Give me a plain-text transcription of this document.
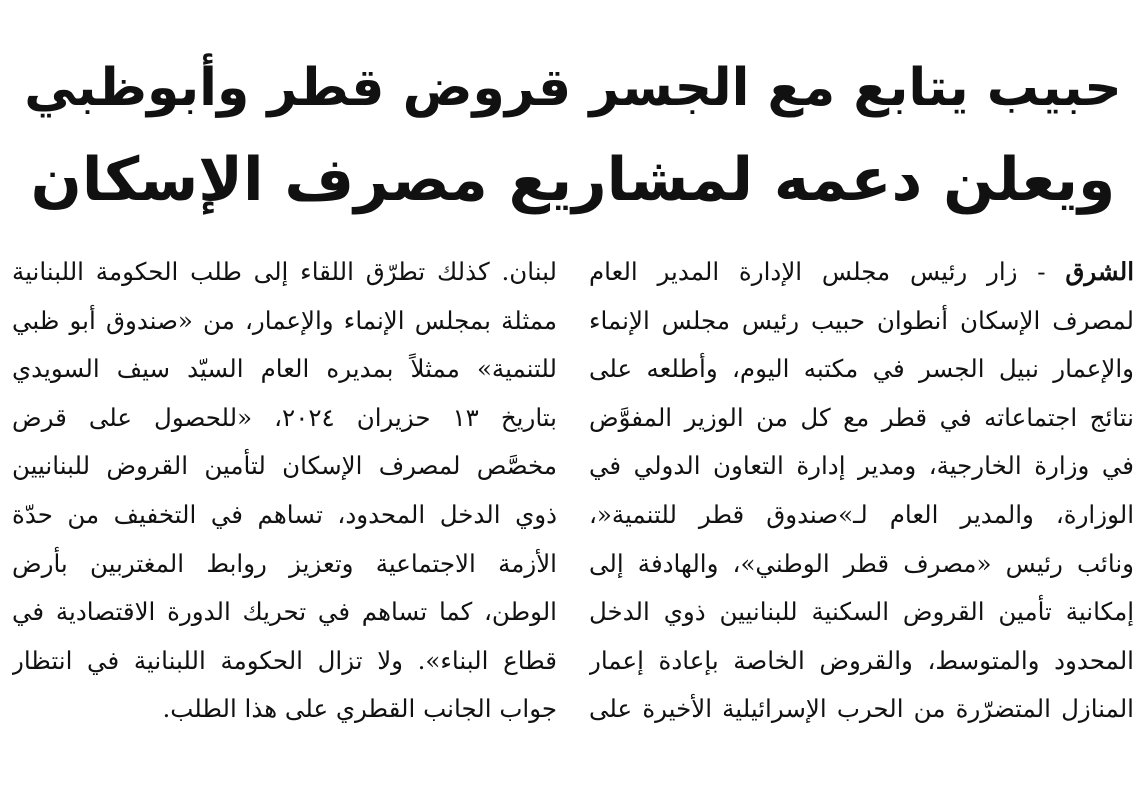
حبيب يتابع مع الجسر قروض قطر وأبوظبي
ويعلن دعمه لمشاريع مصرف الإسكان

الشرق - زار رئيس مجلس الإدارة المدير العام
لمصرف الإسكان أنطوان حبيب رئيس مجلس الإنماء
والإعمار نبيل الجسر في مكتبه اليوم، وأطلعه على
نتائج اجتماعاته في قطر مع كل من الوزير المفوَّض
في وزارة الخارجية، ومدير إدارة التعاون الدولي في
الوزارة، والمدير العام لـ»صندوق قطر للتنمية«،
ونائب رئيس «مصرف قطر الوطني»، والهادفة إلى
إمكانية تأمين القروض السكنية للبنانيين ذوي الدخل
المحدود والمتوسط، والقروض الخاصة بإعادة إعمار
المنازل المتضرّرة من الحرب الإسرائيلية الأخيرة على

لبنان. كذلك تطرّق اللقاء إلى طلب الحكومة اللبنانية
ممثلة بمجلس الإنماء والإعمار، من «صندوق أبو ظبي
للتنمية» ممثلاً بمديره العام السيّد سيف السويدي
بتاريخ ١٣ حزيران ٢٠٢٤، «للحصول على قرض
مخصَّص لمصرف الإسكان لتأمين القروض للبنانيين
ذوي الدخل المحدود، تساهم في التخفيف من حدّة
الأزمة الاجتماعية وتعزيز روابط المغتربين بأرض
الوطن، كما تساهم في تحريك الدورة الاقتصادية في
قطاع البناء». ولا تزال الحكومة اللبنانية في انتظار
جواب الجانب القطري على هذا الطلب.
